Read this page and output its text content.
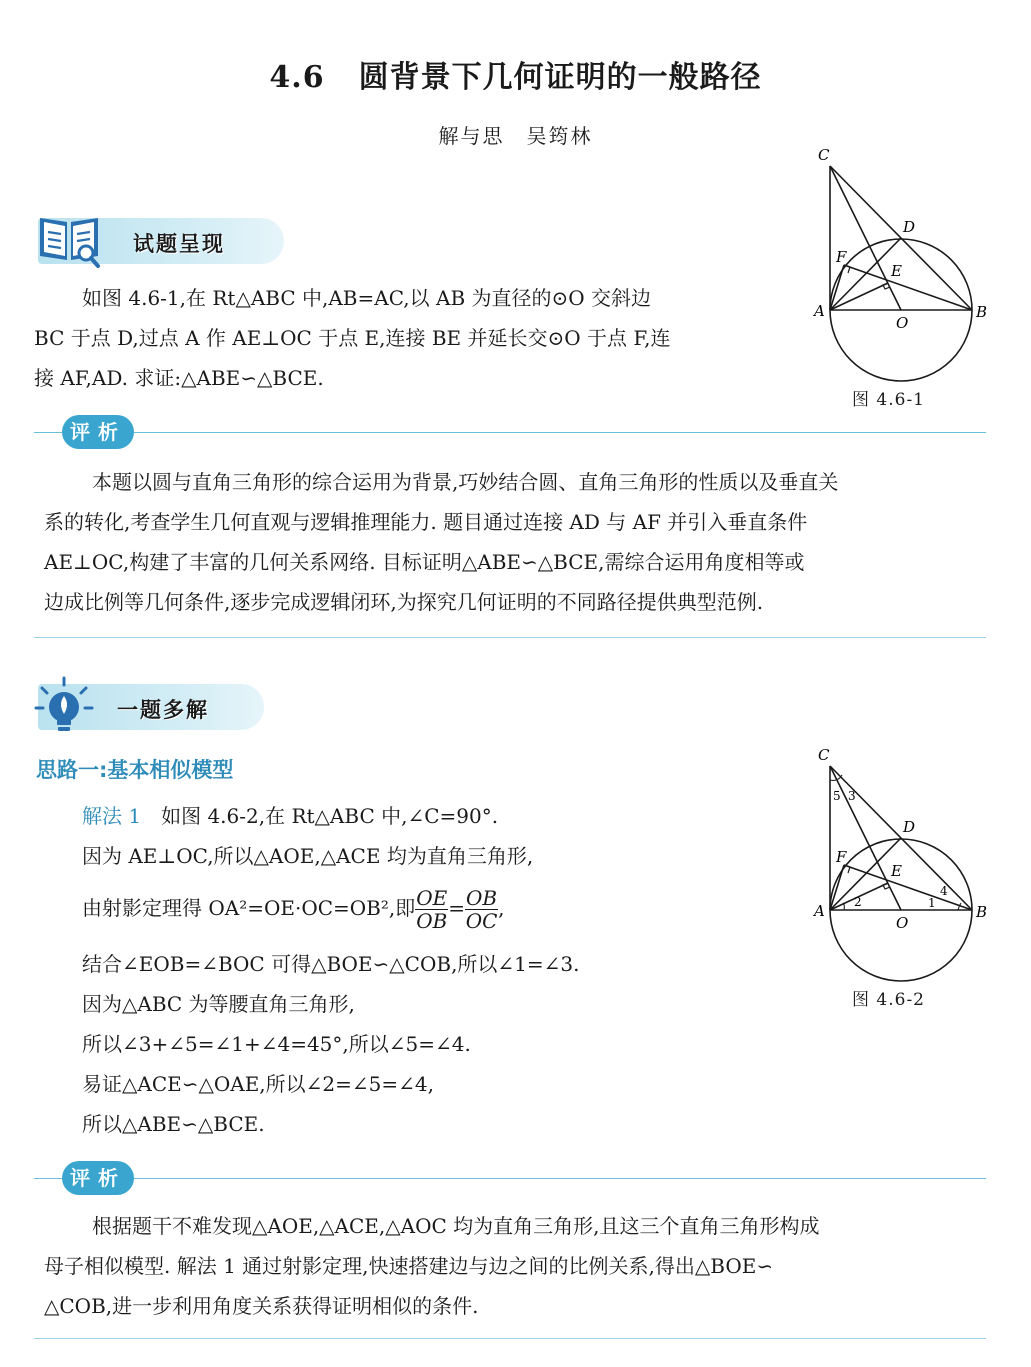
4.6 圆背景下几何证明的一般路径
解与思 吴筠林
试题呈现
如图 4.6-1,在 Rt△ABC 中,AB=AC,以 AB 为直径的⊙O 交斜边
BC 于点 D,过点 A 作 AE⊥OC 于点 E,连接 BE 并延长交⊙O 于点 F,连
接 AF,AD. 求证:△ABE∽△BCE.
C
D
F
E
A
O
B
图 4.6-1
评析
本题以圆与直角三角形的综合运用为背景,巧妙结合圆、直角三角形的性质以及垂直关
系的转化,考查学生几何直观与逻辑推理能力. 题目通过连接 AD 与 AF 并引入垂直条件
AE⊥OC,构建了丰富的几何关系网络. 目标证明△ABE∽△BCE,需综合运用角度相等或
边成比例等几何条件,逐步完成逻辑闭环,为探究几何证明的不同路径提供典型范例.
一题多解
思路一:基本相似模型
解法 1 如图 4.6-2,在 Rt△ABC 中,∠C=90°.
因为 AE⊥OC,所以△AOE,△ACE 均为直角三角形,
由射影定理得 OA²=OE·OC=OB²,即 $\frac{OE}{OB} = \frac{OB}{OC}$ ,
结合∠EOB=∠BOC 可得△BOE∽△COB,所以∠1=∠3.
因为△ABC 为等腰直角三角形,
所以∠3+∠5=∠1+∠4=45°,所以∠5=∠4.
易证△ACE∽△OAE,所以∠2=∠5=∠4,
所以△ABE∽△BCE.
C
D
F
E
A
O
B
5 3
2	1
4
图 4.6-2
评析
根据题干不难发现△AOE,△ACE,△AOC 均为直角三角形,且这三个直角三角形构成
母子相似模型. 解法 1 通过射影定理,快速搭建边与边之间的比例关系,得出△BOE∽
△COB,进一步利用角度关系获得证明相似的条件.
